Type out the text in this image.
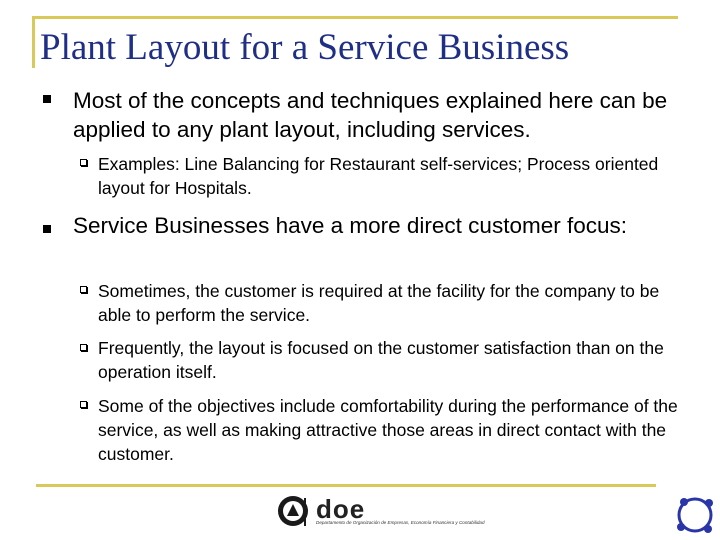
Plant Layout for a Service Business
Most of the concepts and techniques explained here can be applied to any plant layout, including services.
Examples: Line Balancing for Restaurant self-services; Process oriented layout for Hospitals.
Service Businesses have a more direct customer focus:
Sometimes, the customer is required at the facility for the company to be able to perform the service.
Frequently, the layout is focused on the customer satisfaction than on the operation itself.
Some of the objectives include comfortability during the performance of the service, as well as making attractive those areas in direct contact with the customer.
doe
Departamento de Organización de Empresas, Economía Financiera y Contabilidad
